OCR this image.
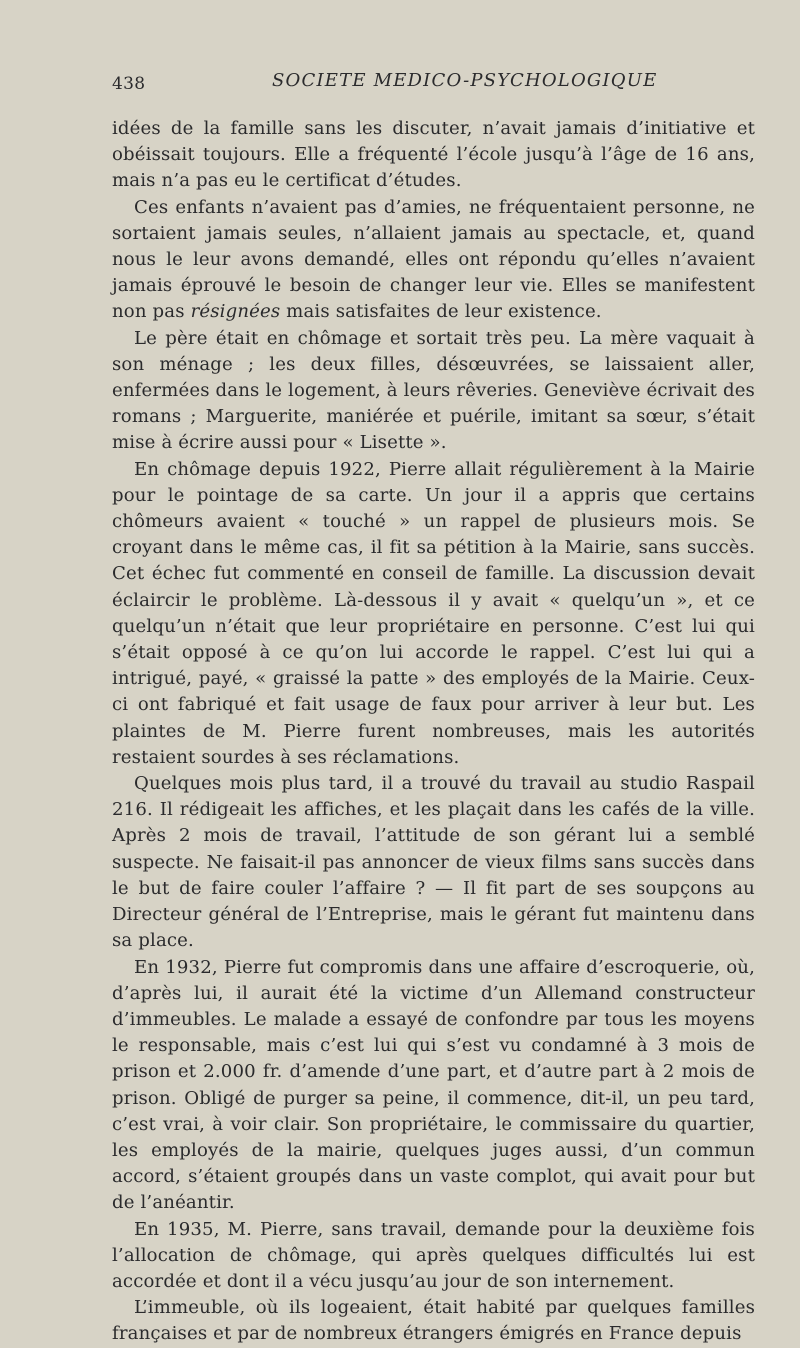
438	SOCIETE MEDICO-PSYCHOLOGIQUE

idées de la famille sans les discuter, n’avait jamais d’initiative et obéissait toujours. Elle a fréquenté l’école jusqu’à l’âge de 16 ans, mais n’a pas eu le certificat d’études.

Ces enfants n’avaient pas d’amies, ne fréquentaient personne, ne sortaient jamais seules, n’allaient jamais au spectacle, et, quand nous le leur avons demandé, elles ont répondu qu’elles n’avaient jamais éprouvé le besoin de changer leur vie. Elles se manifestent non pas résignées mais satisfaites de leur existence.

Le père était en chômage et sortait très peu. La mère vaquait à son ménage ; les deux filles, désœuvrées, se laissaient aller, enfermées dans le logement, à leurs rêveries. Geneviève écrivait des romans ; Marguerite, maniérée et puérile, imitant sa sœur, s’était mise à écrire aussi pour « Lisette ».

En chômage depuis 1922, Pierre allait régulièrement à la Mairie pour le pointage de sa carte. Un jour il a appris que certains chômeurs avaient « touché » un rappel de plusieurs mois. Se croyant dans le même cas, il fit sa pétition à la Mairie, sans succès. Cet échec fut commenté en conseil de famille. La discussion devait éclaircir le problème. Là-dessous il y avait « quelqu’un », et ce quelqu’un n’était que leur propriétaire en personne. C’est lui qui s’était opposé à ce qu’on lui accorde le rappel. C’est lui qui a intrigué, payé, « graissé la patte » des employés de la Mairie. Ceux-ci ont fabriqué et fait usage de faux pour arriver à leur but. Les plaintes de M. Pierre furent nombreuses, mais les autorités restaient sourdes à ses réclamations.

Quelques mois plus tard, il a trouvé du travail au studio Raspail 216. Il rédigeait les affiches, et les plaçait dans les cafés de la ville. Après 2 mois de travail, l’attitude de son gérant lui a semblé suspecte. Ne faisait-il pas annoncer de vieux films sans succès dans le but de faire couler l’affaire ? — Il fit part de ses soupçons au Directeur général de l’Entreprise, mais le gérant fut maintenu dans sa place.

En 1932, Pierre fut compromis dans une affaire d’escroquerie, où, d’après lui, il aurait été la victime d’un Allemand constructeur d’immeubles. Le malade a essayé de confondre par tous les moyens le responsable, mais c’est lui qui s’est vu condamné à 3 mois de prison et 2.000 fr. d’amende d’une part, et d’autre part à 2 mois de prison. Obligé de purger sa peine, il commence, dit-il, un peu tard, c’est vrai, à voir clair. Son propriétaire, le commissaire du quartier, les employés de la mairie, quelques juges aussi, d’un commun accord, s’étaient groupés dans un vaste complot, qui avait pour but de l’anéantir.

En 1935, M. Pierre, sans travail, demande pour la deuxième fois l’allocation de chômage, qui après quelques difficultés lui est accordée et dont il a vécu jusqu’au jour de son internement.

L’immeuble, où ils logeaient, était habité par quelques familles françaises et par de nombreux étrangers émigrés en France depuis
